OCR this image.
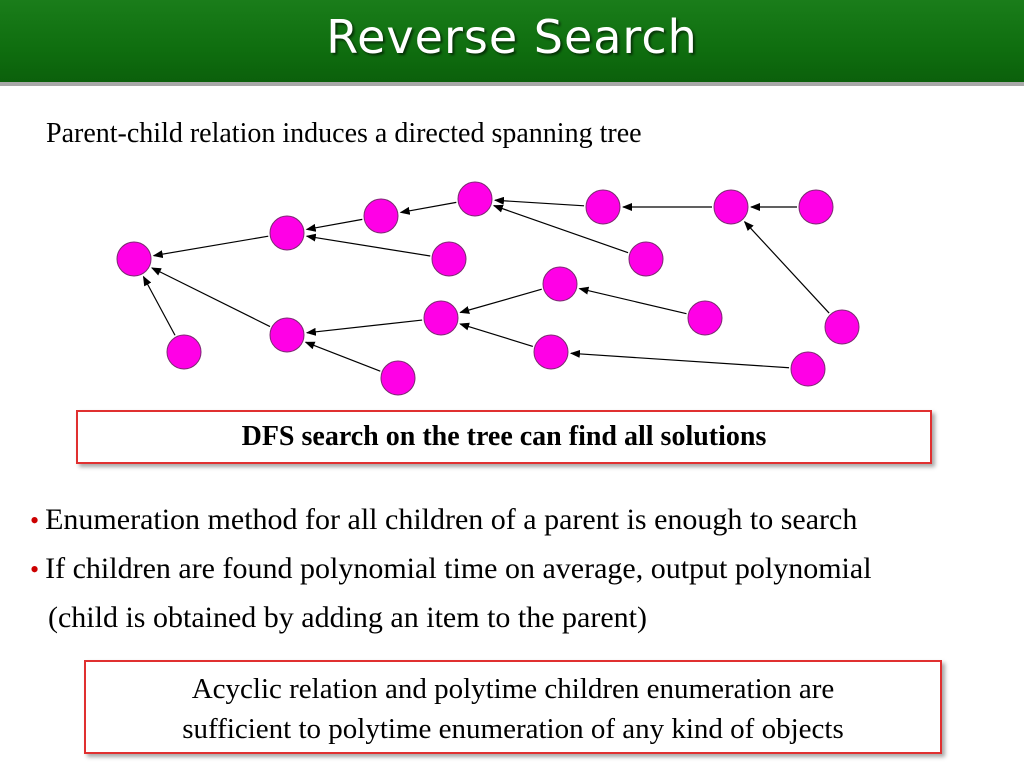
Reverse Search
Parent-child relation induces a directed spanning tree
DFS search on the tree can find all solutions
• Enumeration method for all children of a parent is enough to search
• If children are found polynomial time on average, output polynomial
(child is obtained by adding an item to the parent)
Acyclic relation and polytime children enumeration are
sufficient to polytime enumeration of any kind of objects
